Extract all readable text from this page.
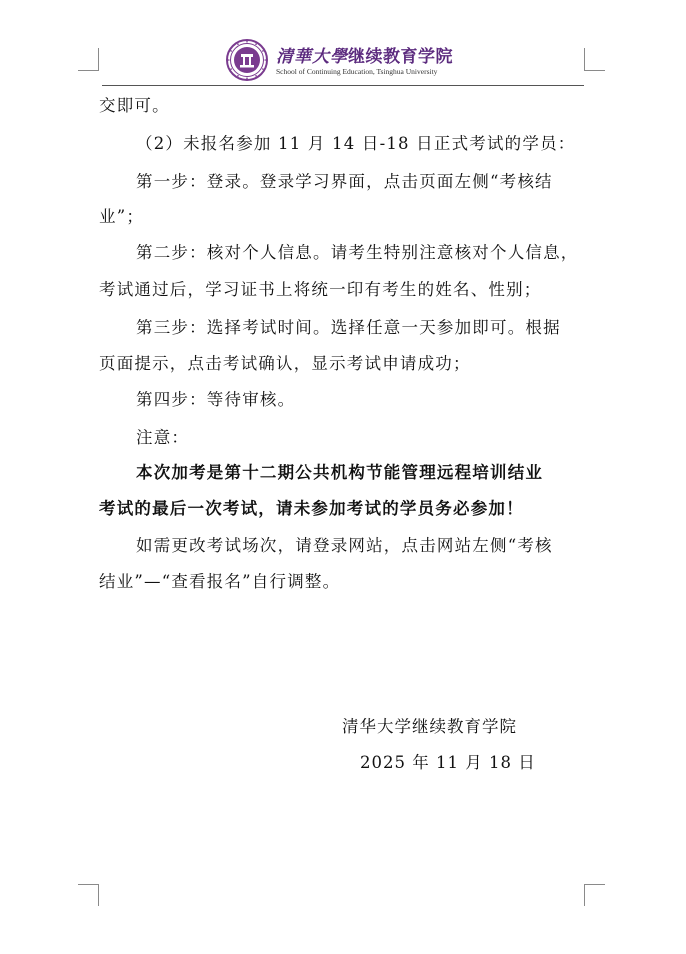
清華大學继续教育学院
School of Continuing Education, Tsinghua University
交即可。
（2）未报名参加 11 月 14 日-18 日正式考试的学员：
第一步：登录。登录学习界面，点击页面左侧“考核结
业”；
第二步：核对个人信息。请考生特别注意核对个人信息，
考试通过后，学习证书上将统一印有考生的姓名、性别；
第三步：选择考试时间。选择任意一天参加即可。根据
页面提示，点击考试确认，显示考试申请成功；
第四步：等待审核。
注意：
本次加考是第十二期公共机构节能管理远程培训结业
考试的最后一次考试，请未参加考试的学员务必参加！
如需更改考试场次，请登录网站，点击网站左侧“考核
结业”—“查看报名”自行调整。
清华大学继续教育学院
2025 年 11 月 18 日
